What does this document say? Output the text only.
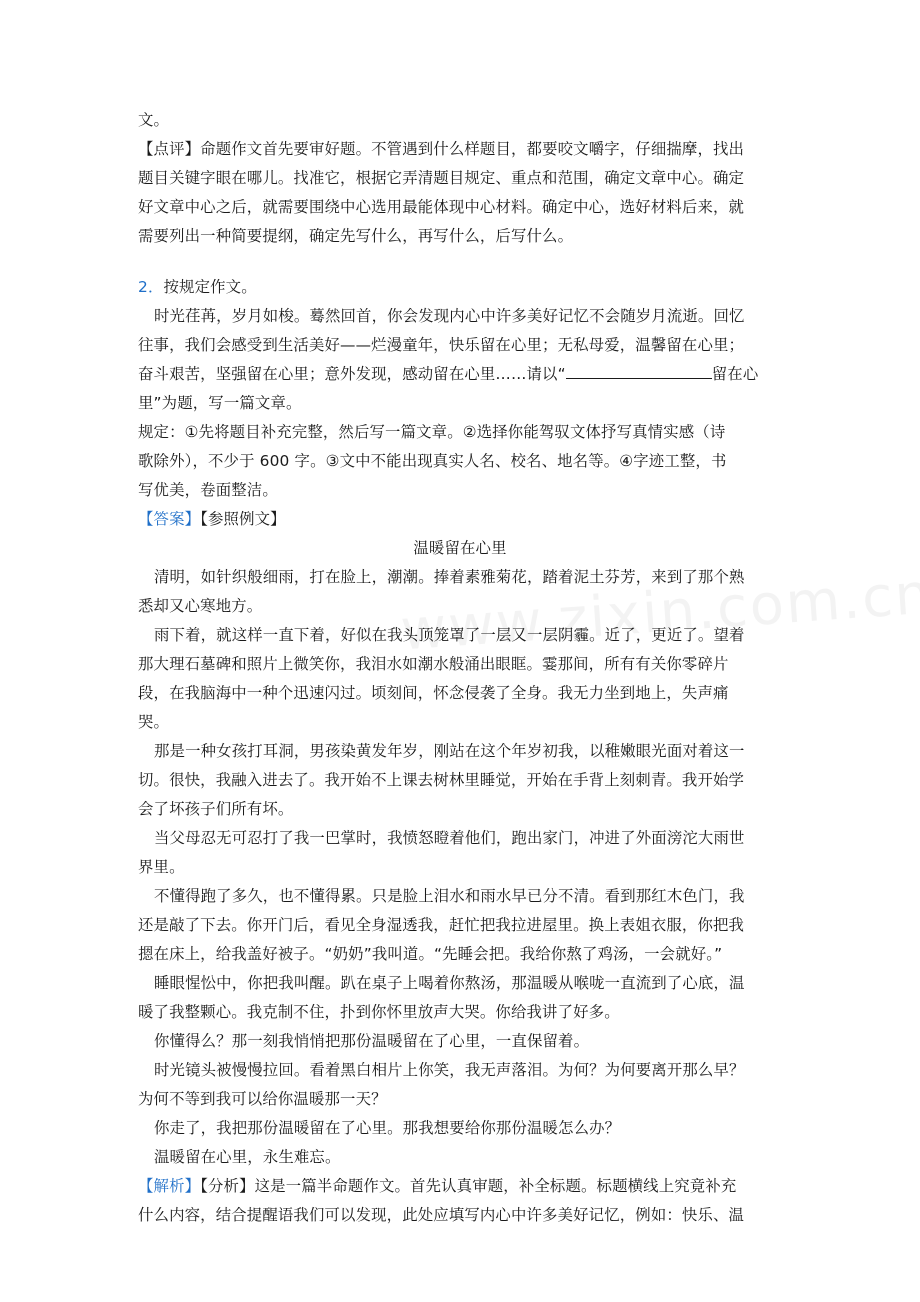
文。
【点评】命题作文首先要审好题。不管遇到什么样题目，都要咬文嚼字，仔细揣摩，找出
题目关键字眼在哪儿。找准它，根据它弄清题目规定、重点和范围，确定文章中心。确定
好文章中心之后，就需要围绕中心选用最能体现中心材料。确定中心，选好材料后来，就
需要列出一种简要提纲，确定先写什么，再写什么，后写什么。
2．按规定作文。
时光荏苒，岁月如梭。蓦然回首，你会发现内心中许多美好记忆不会随岁月流逝。回忆
往事，我们会感受到生活美好——烂漫童年，快乐留在心里；无私母爱，温馨留在心里；
奋斗艰苦，坚强留在心里；意外发现，感动留在心里……请以“	留在心
里”为题，写一篇文章。
规定：①先将题目补充完整，然后写一篇文章。②选择你能驾驭文体抒写真情实感（诗
歌除外），不少于 600 字。③文中不能出现真实人名、校名、地名等。④字迹工整，书
写优美，卷面整洁。
【答案】【参照例文】
温暖留在心里
清明，如针织般细雨，打在脸上，潮潮。捧着素雅菊花，踏着泥土芬芳，来到了那个熟
悉却又心寒地方。
雨下着，就这样一直下着，好似在我头顶笼罩了一层又一层阴霾。近了，更近了。望着
那大理石墓碑和照片上微笑你，我泪水如潮水般涌出眼眶。霎那间，所有有关你零碎片
段，在我脑海中一种个迅速闪过。顷刻间，怀念侵袭了全身。我无力坐到地上，失声痛
哭。
那是一种女孩打耳洞，男孩染黄发年岁，刚站在这个年岁初我，以稚嫩眼光面对着这一
切。很快，我融入进去了。我开始不上课去树林里睡觉，开始在手背上刻刺青。我开始学
会了坏孩子们所有坏。
当父母忍无可忍打了我一巴掌时，我愤怒瞪着他们，跑出家门，冲进了外面滂沱大雨世
界里。
不懂得跑了多久，也不懂得累。只是脸上泪水和雨水早已分不清。看到那红木色门，我
还是敲了下去。你开门后，看见全身湿透我，赶忙把我拉进屋里。换上表姐衣服，你把我
摁在床上，给我盖好被子。“奶奶”我叫道。“先睡会把。我给你熬了鸡汤，一会就好。”
睡眼惺忪中，你把我叫醒。趴在桌子上喝着你熬汤，那温暖从喉咙一直流到了心底，温
暖了我整颗心。我克制不住，扑到你怀里放声大哭。你给我讲了好多。
你懂得么？那一刻我悄悄把那份温暖留在了心里，一直保留着。
时光镜头被慢慢拉回。看着黑白相片上你笑，我无声落泪。为何？为何要离开那么早？
为何不等到我可以给你温暖那一天？
你走了，我把那份温暖留在了心里。那我想要给你那份温暖怎么办？
温暖留在心里，永生难忘。
【解析】【分析】这是一篇半命题作文。首先认真审题，补全标题。标题横线上究竟补充
什么内容，结合提醒语我们可以发现，此处应填写内心中许多美好记忆，例如：快乐、温
